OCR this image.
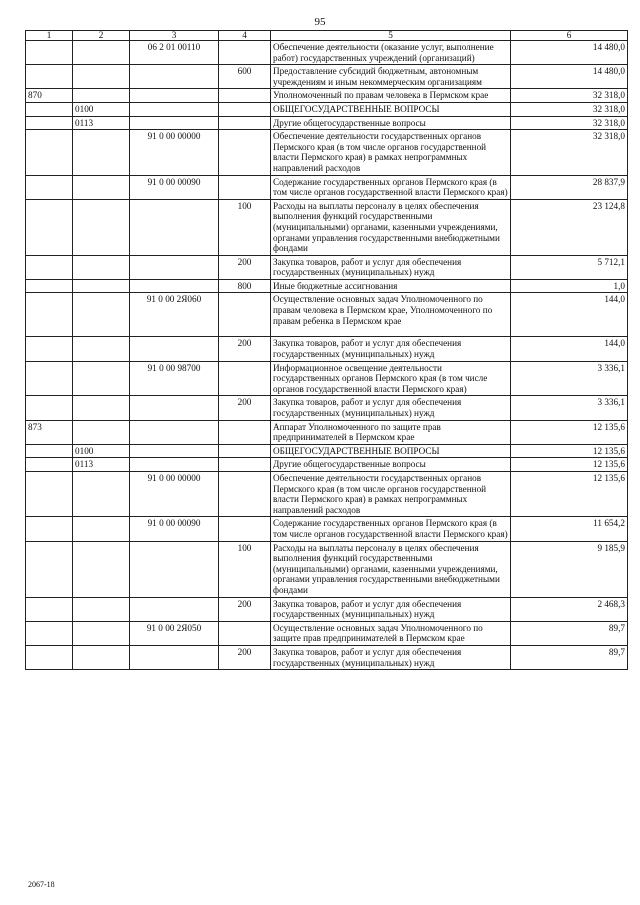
95
1	2	3	4	5	6
		06 2 01 00110		Обеспечение деятельности (оказание услуг, выполнение работ) государственных учреждений (организаций)	14 480,0
			600	Предоставление субсидий бюджетным, автономным учреждениям и иным некоммерческим организациям	14 480,0
870				Уполномоченный по правам человека в Пермском крае	32 318,0
	0100			ОБЩЕГОСУДАРСТВЕННЫЕ ВОПРОСЫ	32 318,0
	0113			Другие общегосударственные вопросы	32 318,0
		91 0 00 00000		Обеспечение деятельности государственных органов Пермского края (в том числе органов государственной власти Пермского края) в рамках непрограммных направлений расходов	32 318,0
		91 0 00 00090		Содержание государственных органов Пермского края (в том числе органов государственной власти Пермского края)	28 837,9
			100	Расходы на выплаты персоналу в целях обеспечения выполнения функций государственными (муниципальными) органами, казенными учреждениями, органами управления государственными внебюджетными фондами	23 124,8
			200	Закупка товаров, работ и услуг для обеспечения государственных (муниципальных) нужд	5 712,1
			800	Иные бюджетные ассигнования	1,0
		91 0 00 2Я060		Осуществление основных задач Уполномоченного по правам человека в Пермском крае, Уполномоченного по правам ребенка в Пермском крае	144,0
			200	Закупка товаров, работ и услуг для обеспечения государственных (муниципальных) нужд	144,0
		91 0 00 98700		Информационное освещение деятельности государственных органов Пермского края (в том числе органов государственной власти Пермского края)	3 336,1
			200	Закупка товаров, работ и услуг для обеспечения государственных (муниципальных) нужд	3 336,1
873				Аппарат Уполномоченного по защите прав предпринимателей в Пермском крае	12 135,6
	0100			ОБЩЕГОСУДАРСТВЕННЫЕ ВОПРОСЫ	12 135,6
	0113			Другие общегосударственные вопросы	12 135,6
		91 0 00 00000		Обеспечение деятельности государственных органов Пермского края (в том числе органов государственной власти Пермского края) в рамках непрограммных направлений расходов	12 135,6
		91 0 00 00090		Содержание государственных органов Пермского края (в том числе органов государственной власти Пермского края)	11 654,2
			100	Расходы на выплаты персоналу в целях обеспечения выполнения функций государственными (муниципальными) органами, казенными учреждениями, органами управления государственными внебюджетными фондами	9 185,9
			200	Закупка товаров, работ и услуг для обеспечения государственных (муниципальных) нужд	2 468,3
		91 0 00 2Я050		Осуществление основных задач Уполномоченного по защите прав предпринимателей в Пермском крае	89,7
			200	Закупка товаров, работ и услуг для обеспечения государственных (муниципальных) нужд	89,7
2067-18
